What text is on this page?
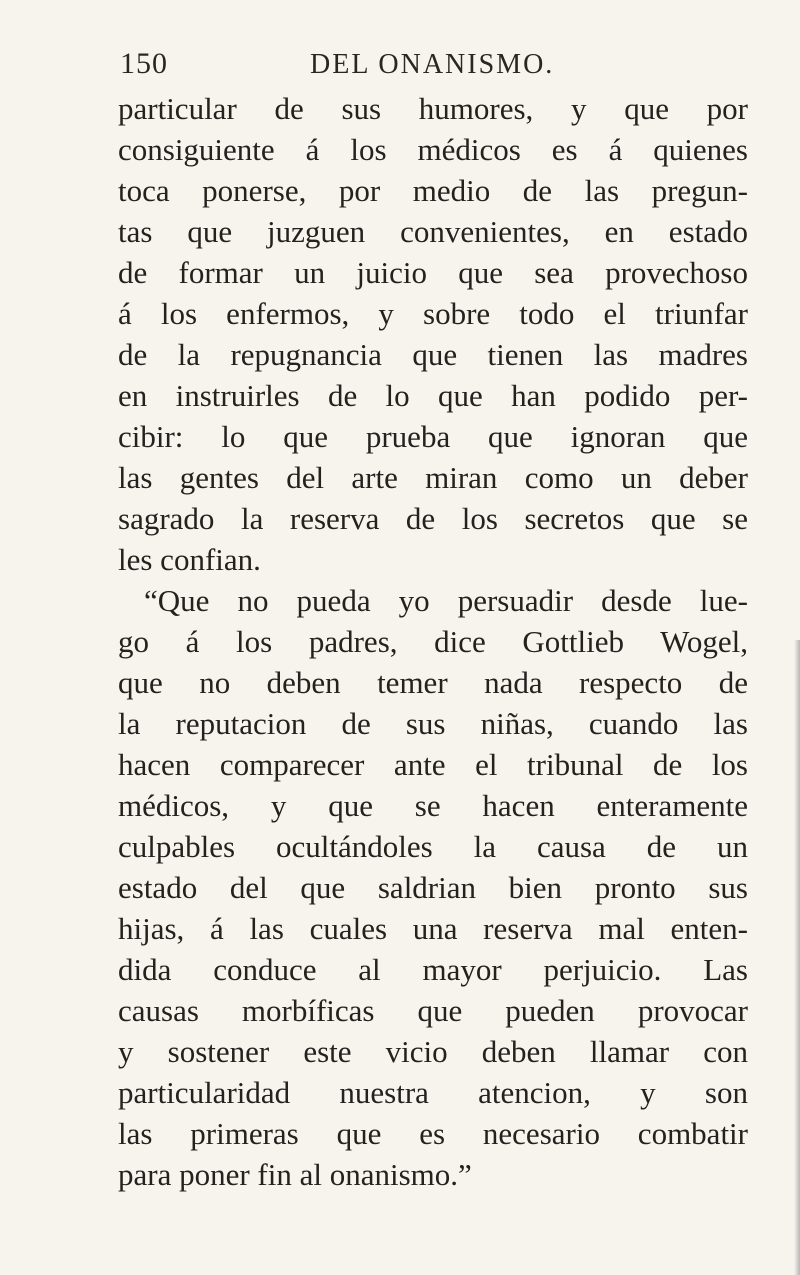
150	DEL ONANISMO.
particular de sus humores, y que por
consiguiente á los médicos es á quienes
toca ponerse, por medio de las pregun-
tas que juzguen convenientes, en estado
de formar un juicio que sea provechoso
á los enfermos, y sobre todo el triunfar
de la repugnancia que tienen las madres
en instruirles de lo que han podido per-
cibir: lo que prueba que ignoran que
las gentes del arte miran como un deber
sagrado la reserva de los secretos que se
les confian.
“Que no pueda yo persuadir desde lue-
go á los padres, dice Gottlieb Wogel,
que no deben temer nada respecto de
la reputacion de sus niñas, cuando las
hacen comparecer ante el tribunal de los
médicos, y que se hacen enteramente
culpables ocultándoles la causa de un
estado del que saldrian bien pronto sus
hijas, á las cuales una reserva mal enten-
dida conduce al mayor perjuicio. Las
causas morbíficas que pueden provocar
y sostener este vicio deben llamar con
particularidad nuestra atencion, y son
las primeras que es necesario combatir
para poner fin al onanismo.”
